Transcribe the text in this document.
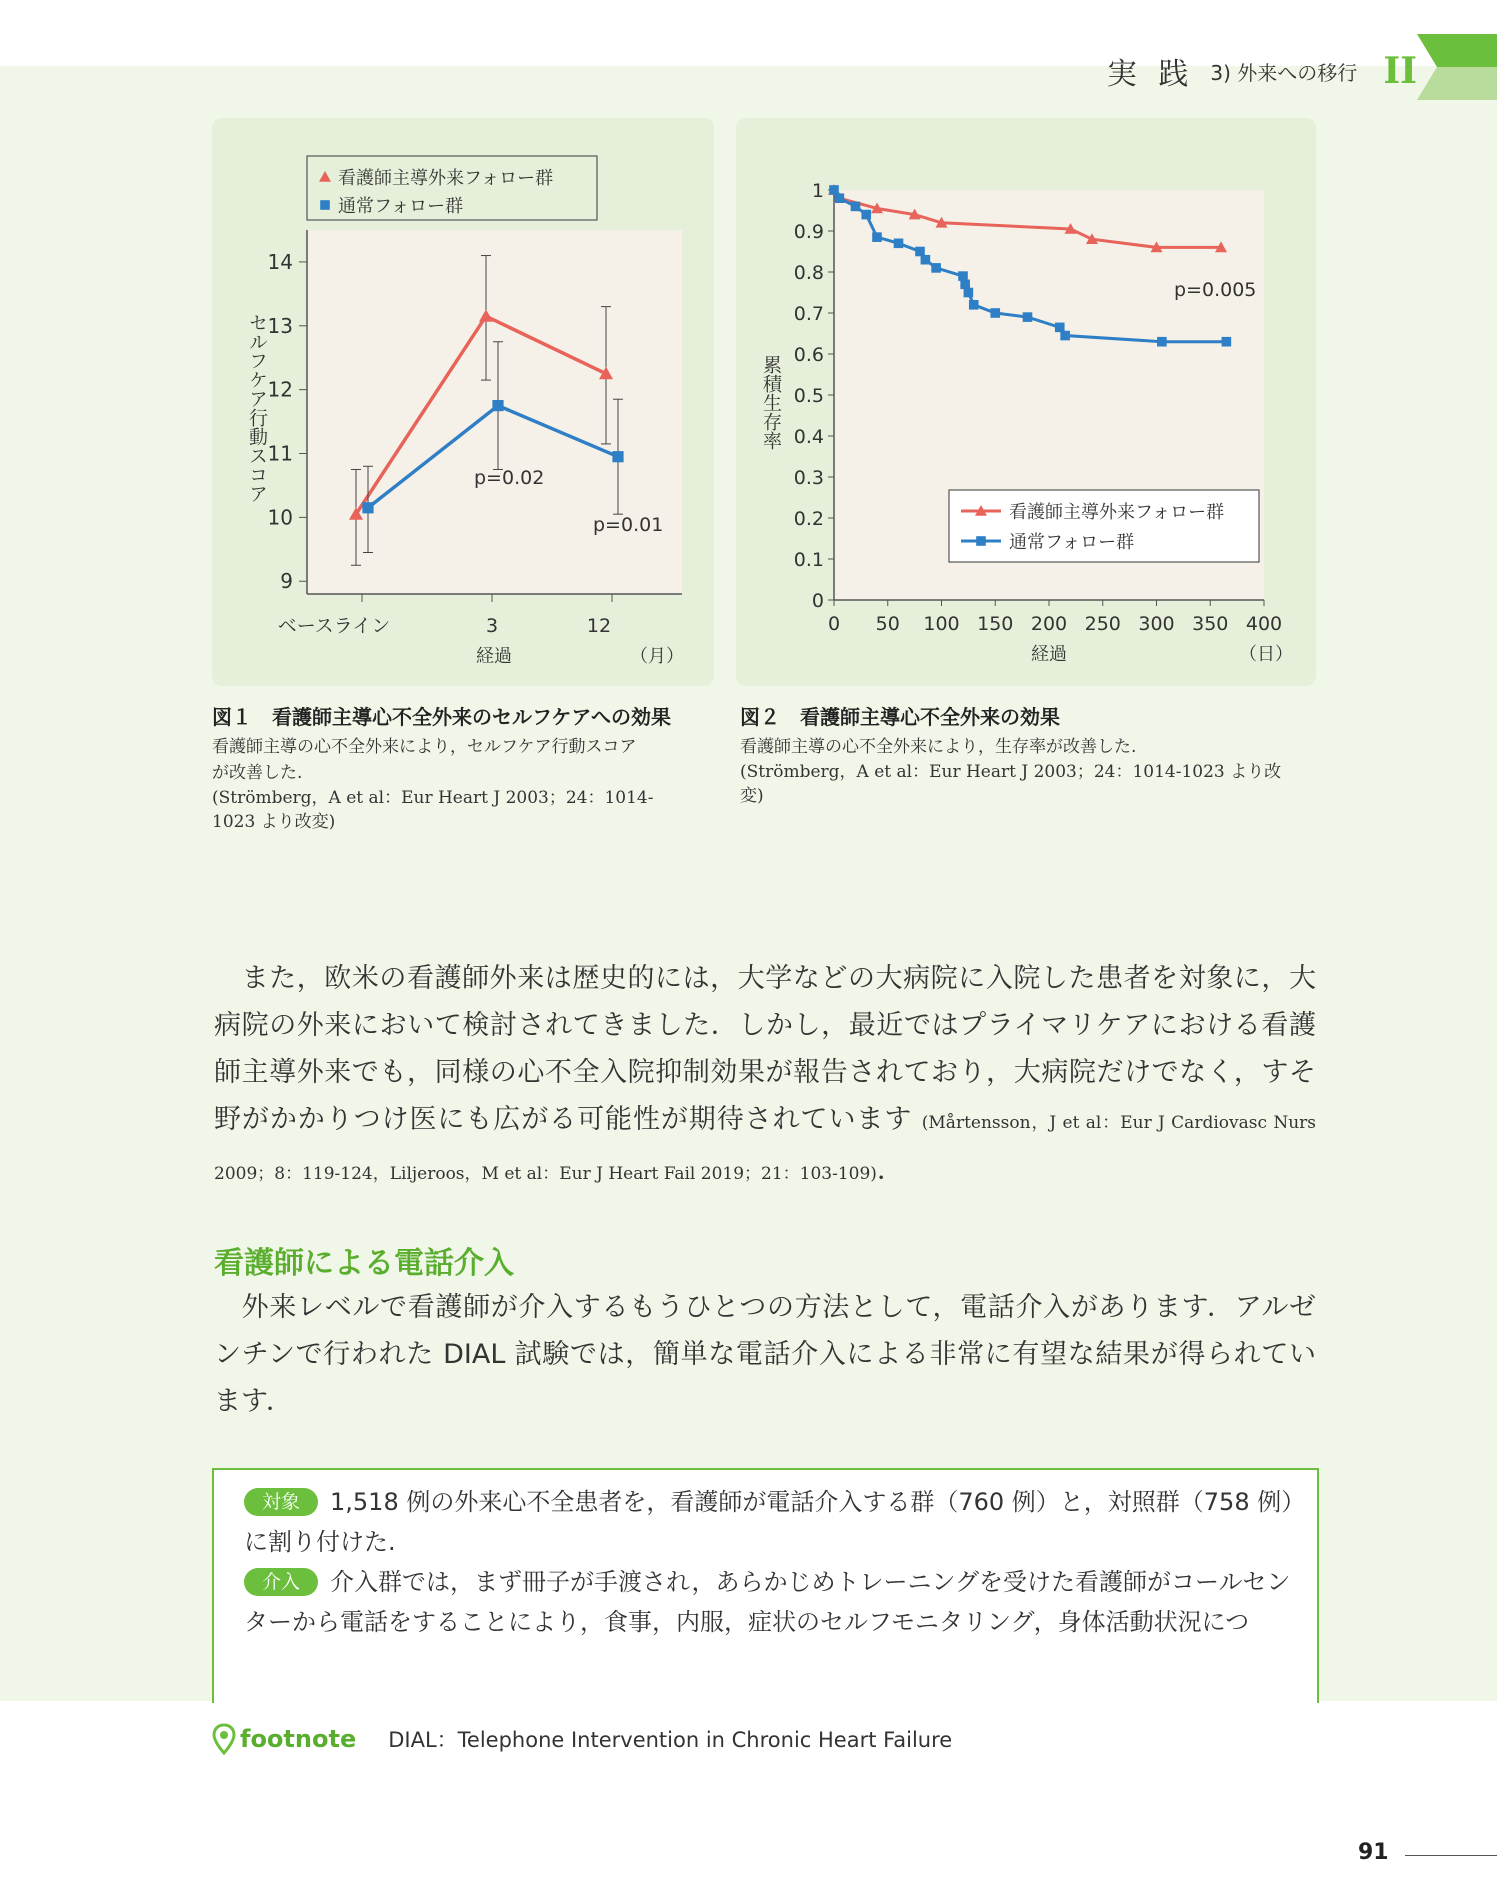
実 践 3) 外来への移行 II
9
10
11
12
13
14
ベースライン	3	12
経過	（月）
セルフケア行動スコア	p=0.02
p=0.01
看護師主導外来フォロー群
通常フォロー群
0
0.1
0.2
0.3
0.4
0.5
0.6
0.7
0.8
0.9
1
0 50 100 150 200 250 300 350 400
経過	（日）
累積生存率
p=0.005
看護師主導外来フォロー群
通常フォロー群
図１　看護師主導心不全外来のセルフケアへの効果
看護師主導の心不全外来により，セルフケア行動スコア
が改善した.
(Strömberg，A et al：Eur Heart J 2003；24：1014-
1023 より改変)
図２　看護師主導心不全外来の効果
看護師主導の心不全外来により，生存率が改善した.
(Strömberg，A et al：Eur Heart J 2003；24：1014-1023 より改
変)
また，欧米の看護師外来は歴史的には，大学などの大病院に入院した患者を対象に，大病院の外来において検討されてきました．しかし，最近ではプライマリケアにおける看護師主導外来でも，同様の心不全入院抑制効果が報告されており，大病院だけでなく，すそ野がかかりつけ医にも広がる可能性が期待されています (Mårtensson，J et al：Eur J Cardiovasc Nurs 2009；8：119-124，Liljeroos，M et al：Eur J Heart Fail 2019；21：103-109)．
看護師による電話介入
外来レベルで看護師が介入するもうひとつの方法として，電話介入があります．アルゼンチンで行われた DIAL 試験では，簡単な電話介入による非常に有望な結果が得られています．
対象 1,518 例の外来心不全患者を，看護師が電話介入する群（760 例）と，対照群（758 例）に割り付けた.
介入 介入群では，まず冊子が手渡され，あらかじめトレーニングを受けた看護師がコールセンターから電話をすることにより，食事，内服，症状のセルフモニタリング，身体活動状況につ
footnote DIAL：Telephone Intervention in Chronic Heart Failure
91
